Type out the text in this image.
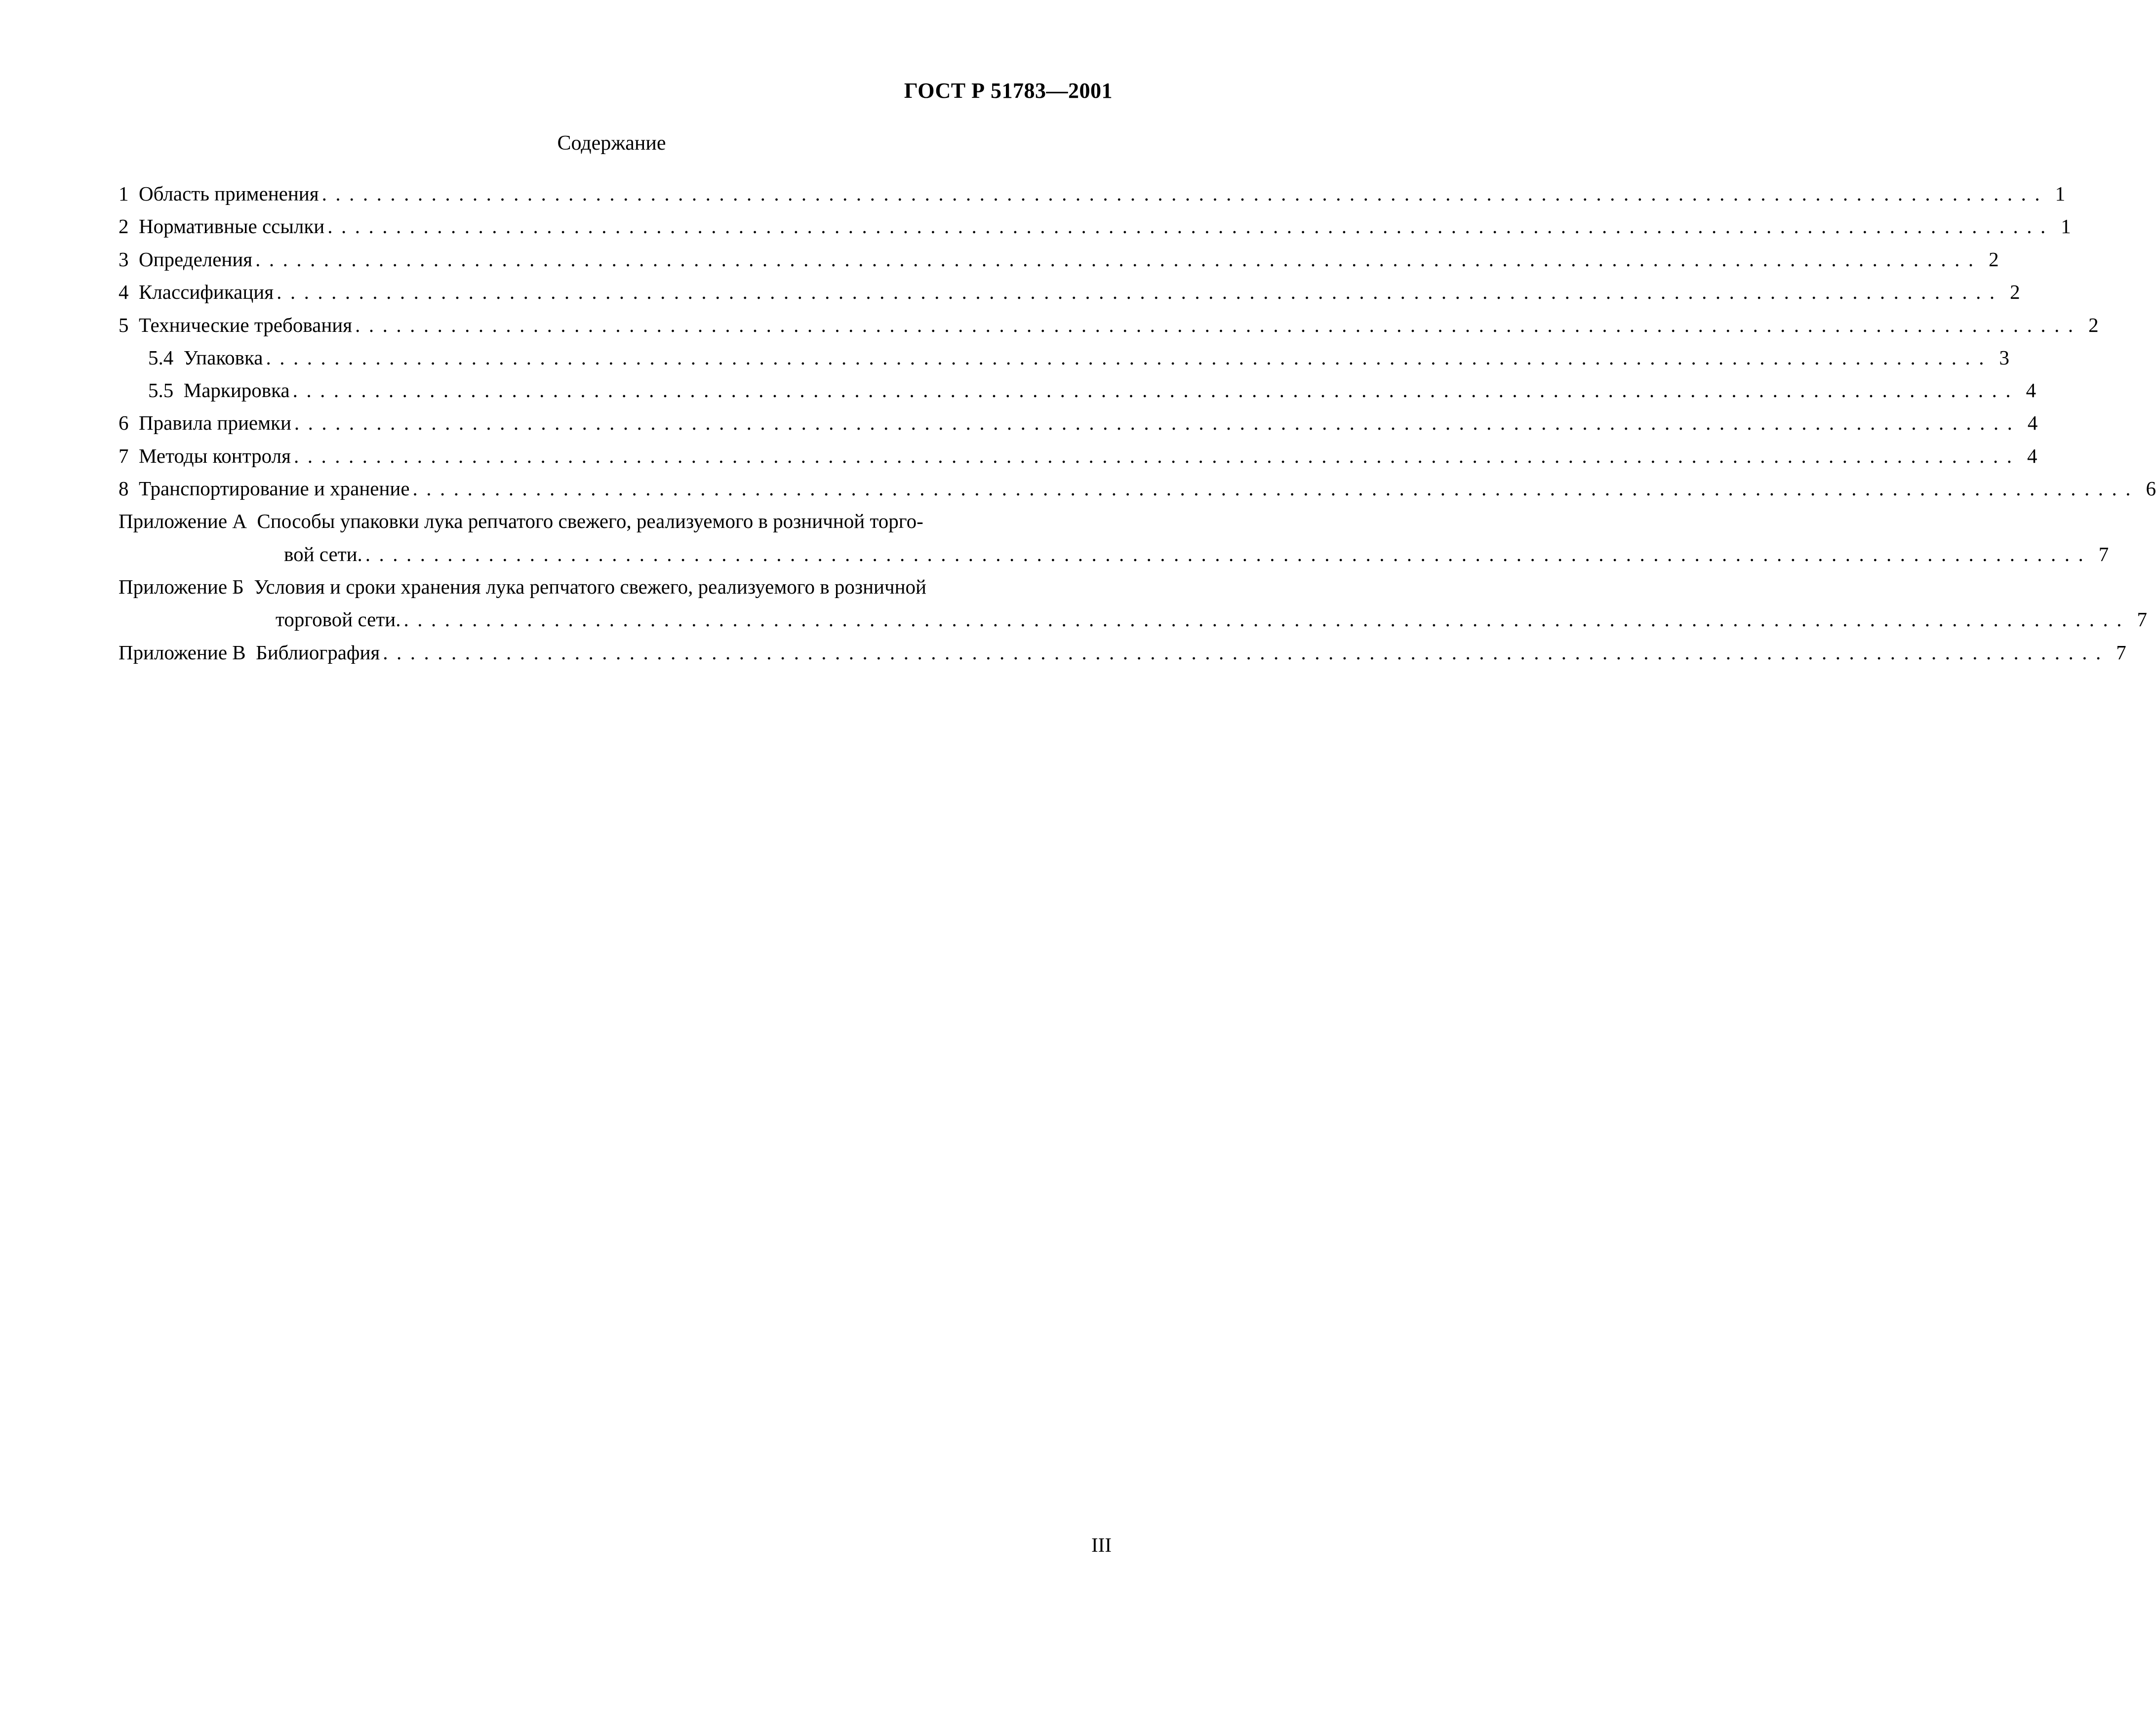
ГОСТ Р 51783—2001
Содержание
1  Область применения .............................................................................................................................. 1
2  Нормативные ссылки .............................................................................................................................. 1
3  Определения .............................................................................................................................. 2
4  Классификация .............................................................................................................................. 2
5  Технические требования .............................................................................................................................. 2
5.4  Упаковка .............................................................................................................................. 3
5.5  Маркировка .............................................................................................................................. 4
6  Правила приемки .............................................................................................................................. 4
7  Методы контроля .............................................................................................................................. 4
8  Транспортирование и хранение .............................................................................................................................. 6
Приложение А  Способы упаковки лука репчатого свежего, реализуемого в розничной торго-
вой сети. .............................................................................................................................. 7
Приложение Б  Условия и сроки хранения лука репчатого свежего, реализуемого в розничной
торговой сети. .............................................................................................................................. 7
Приложение В  Библиография .............................................................................................................................. 7
III
